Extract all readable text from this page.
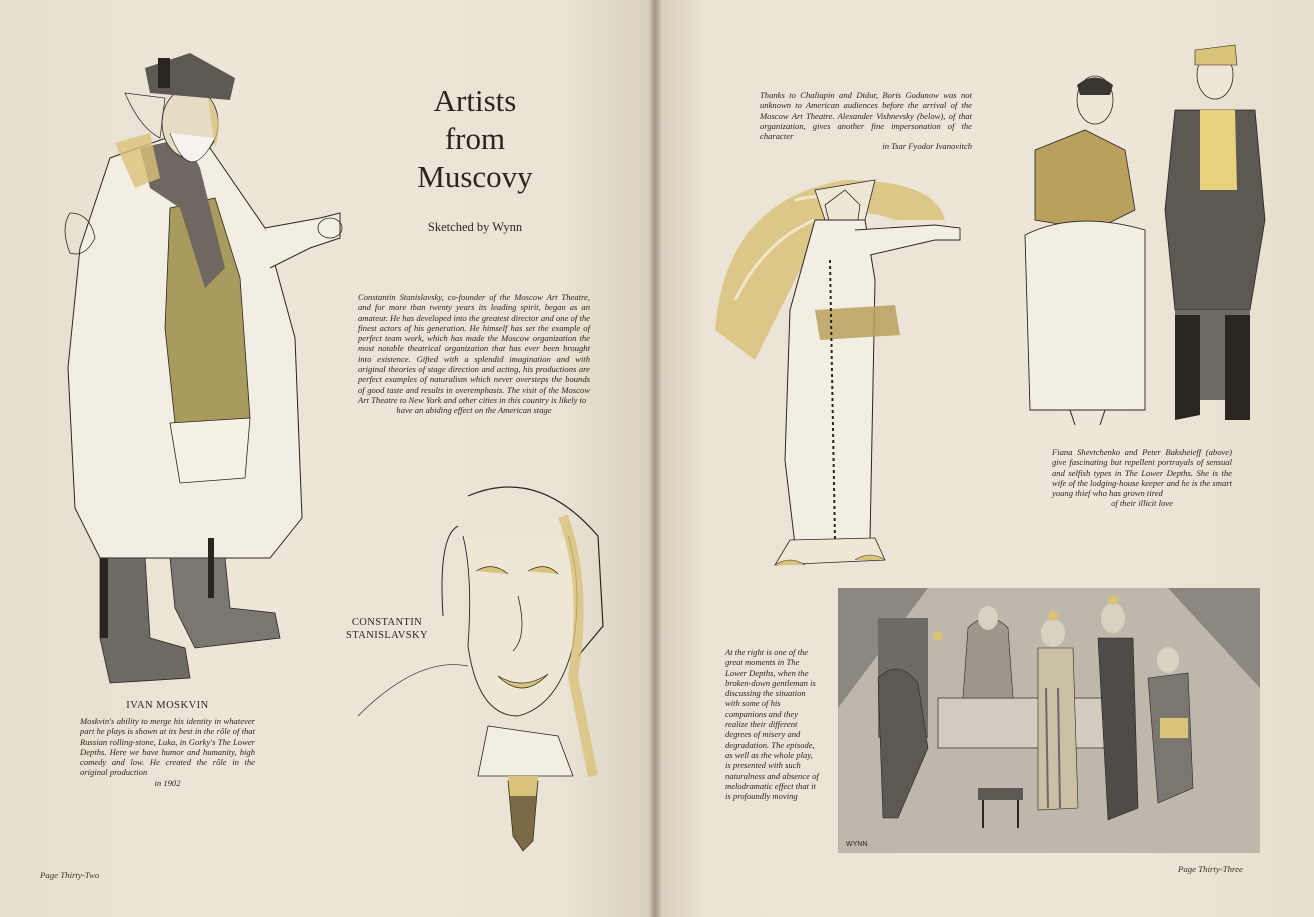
Artists
from
Muscovy
Sketched by Wynn
Constantin Stanislavsky, co-founder of the Moscow Art Theatre, and for more than twenty years its leading spirit, began as an amateur. He has developed into the greatest director and one of the finest actors of his generation. He himself has set the example of perfect team work, which has made the Moscow organization the most notable theatrical organization that has ever been brought into existence. Gifted with a splendid imagination and with original theories of stage direction and acting, his productions are perfect examples of naturalism which never oversteps the bounds of good taste and results in overemphasis. The visit of the Moscow Art Theatre to New York and other cities in this country is likely to
have an abiding effect on the American stage
CONSTANTIN
STANISLAVSKY
IVAN MOSKVIN
Moskvin's ability to merge his identity in whatever part he plays is shown at its best in the rôle of that Russian rolling-stone, Luka, in Gorky's The Lower Depths. Here we have humor and humanity, high comedy and low. He created the rôle in the original production
in 1902
Page Thirty-Two
Thanks to Chaliapin and Didur, Boris Godunow was not unknown to American audiences before the arrival of the Moscow Art Theatre. Alexander Vishnevsky (below), of that organization, gives another fine impersonation of the character
in Tsar Fyodor Ivanovitch
Fiana Shevtchenko and Peter Baksheieff (above) give fascinating but repellent portrayals of sensual and selfish types in The Lower Depths. She is the wife of the lodging-house keeper and he is the smart young thief who has grown tired
of their illicit love
At the right is one of the great moments in The Lower Depths, when the broken-down gentleman is discussing the situation with some of his companions and they realize their different degrees of misery and degradation. The episode, as well as the whole play, is presented with such naturalness and absence of melodramatic effect that it is profoundly moving
WYNN
Page Thirty-Three
